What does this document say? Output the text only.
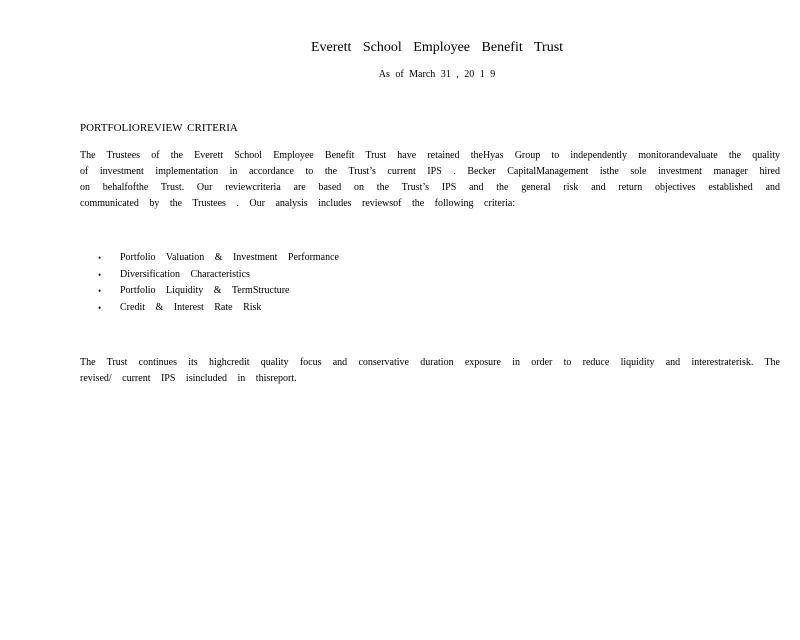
Everett School Employee Benefit Trust
As of March 31 , 20 1 9
PORTFOLIOREVIEW CRITERIA

The Trustees of the Everett School Employee Benefit Trust have retained theHyas Group to independently monitorandevaluate the quality
of investment implementation in accordance to the Trust’s current IPS . Becker CapitalManagement isthe sole investment manager hired
on behalfofthe Trust. Our reviewcriteria are based on the Trust’s IPS and the general risk and return objectives established and
communicated by the Trustees . Our analysis includes reviewsof the following criteria:

• Portfolio Valuation & Investment Performance
• Diversification Characteristics
• Portfolio Liquidity & TermStructure
• Credit & Interest Rate Risk

The Trust continues its highcredit quality focus and conservative duration exposure in order to reduce liquidity and interestraterisk. The
revised/ current IPS isincluded in thisreport.
